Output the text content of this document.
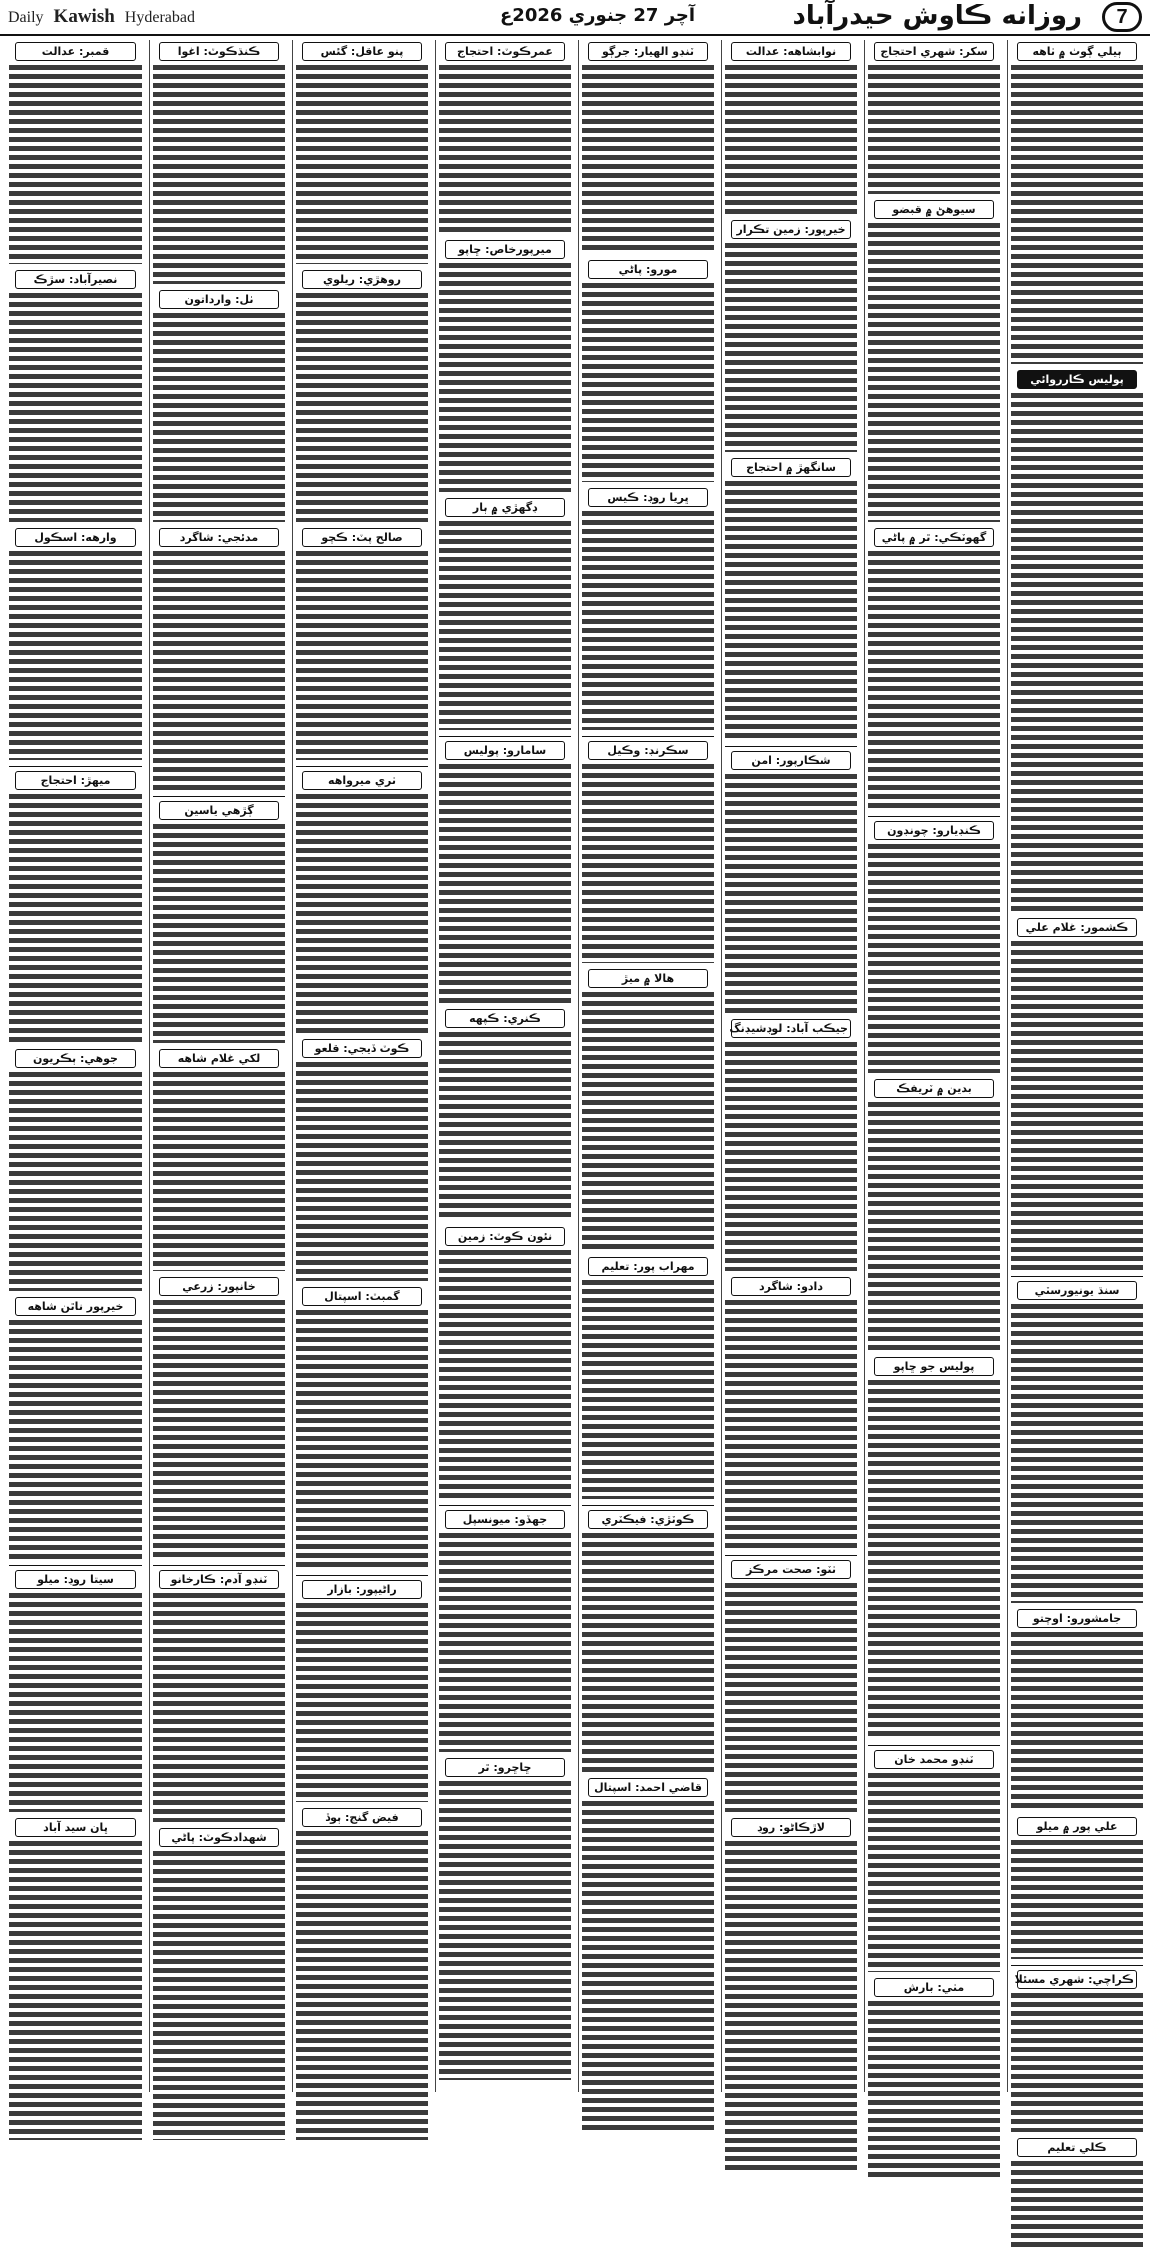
Daily Kawish Hyderabad	آچر 27 جنوري 2026ع	روزانه ڪاوش حيدرآباد	7
ٻيلي ڳوٺ ۾ ٺاهه
پوليس ڪارروائي
ڪشمور: غلام علي
سنڌ يونيورسٽي
جامشورو: اوچتو
علي پور ۾ ميلو
ڪراچي: شهري مسئلا
ڪلي تعليم
سکر: شهري احتجاج
سيوهڻ ۾ قبضو
گهوٽڪي: ٿر ۾ پاڻي
ڪنڊيارو: چونڊون
بدين ۾ ٽريفڪ
پوليس جو ڇاپو
ٽنڊو محمد خان
مٺي: بارش
نوابشاهه: عدالت
خيرپور: زمين تڪرار
سانگهڙ ۾ احتجاج
شڪارپور: امن
جيڪب آباد: لوڊشيڊنگ
دادو: شاگرد
ٺٽو: صحت مرڪز
لاڙڪاڻو: روڊ
ٽنڊو الهيار: جرڳو
مورو: پاڻي
ڀريا روڊ: ڪيس
سڪرنڊ: وڪيل
هالا ۾ ميڙ
مهراب پور: تعليم
ڪوٽڙي: فيڪٽري
قاضي احمد: اسپتال
عمرڪوٽ: احتجاج
ميرپورخاص: ڇاپو
ڊگهڙي ۾ ٻار
سامارو: پوليس
ڪنري: ڪپهه
نئون ڪوٽ: زمين
جھڏو: ميونسپل
ڇاڇرو: ٿر
پنو عاقل: گئس
روهڙي: ريلوي
صالح پٽ: ڪچو
ٺري ميرواهه
ڪوٽ ڏيجي: قلعو
گمبٽ: اسپتال
راڻيپور: بازار
فيض گنج: ٻوڏ
ڪنڌڪوٽ: اغوا
ٺل: وارداتون
مدئجي: شاگرد
ڳڙهي ياسين
لکي غلام شاهه
خانپور: زرعي
ٽنڊو آدم: ڪارخانو
شهدادڪوٽ: پاڻي
قمبر: عدالت
نصيرآباد: سڙڪ
وارهه: اسڪول
ميهڙ: احتجاج
جوهي: ٻڪريون
خيرپور ناٿن شاهه
سيتا روڊ: ميلو
ڀان سيد آباد
